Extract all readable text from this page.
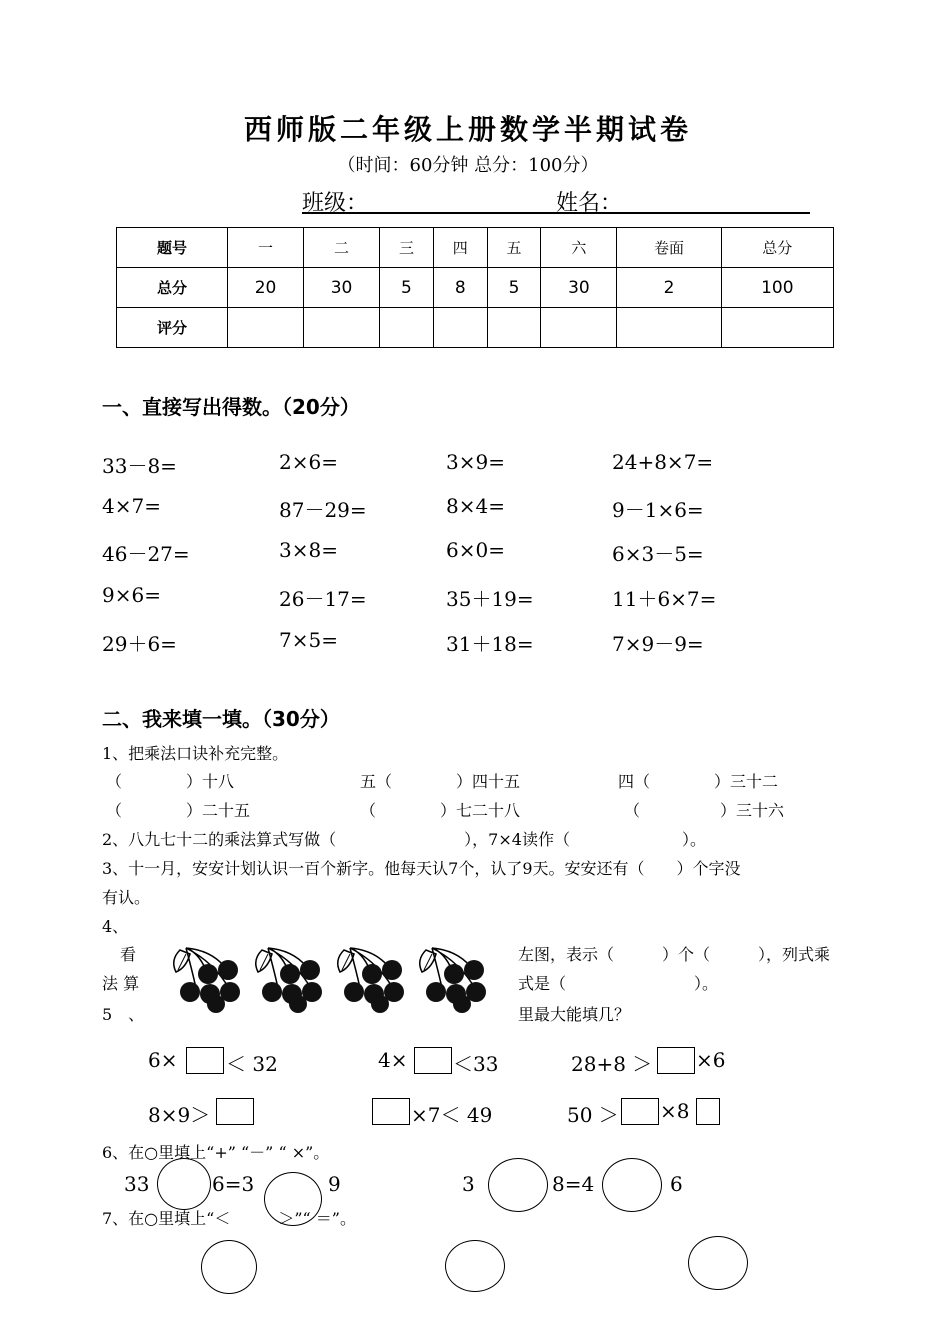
西师版二年级上册数学半期试卷
（时间：60分钟 总分：100分）
班级：	姓名：
题号	一	二	三	四	五	六	卷面	总分
总分	20	30	5	8	5	30	2	100
评分								
一、直接写出得数。（20分）
33－8=	2×6=	3×9=	24+8×7=
4×7=	87－29=	8×4=	9－1×6=
46－27=	3×8=	6×0=	6×3－5=
9×6=	26－17=	35＋19=	11＋6×7=
29＋6=	7×5=	31＋18=	7×9－9=
二、我来填一填。（30分）
1、把乘法口诀补充完整。
（　　　　）十八	五（　　　　）四十五	四（　　　　）三十二
（　　　　）二十五	（　　　　）七二十八	（　　　　　）三十六
2、八九七十二的乘法算式写做（　　　　　　　　），7×4读作（　　　　　　　）。
3、十一月，安安计划认识一百个新字。他每天认7个，认了9天。安安还有（　　）个字没
有认。
4、
看
法 算
左图，表示（　　　）个（　　　），列式乘
式是（　　　　　　　　）。
5　、	里最大能填几？
6× ＜ 32	4× ＜33	28+8 ＞ ×6
8×9＞	×7＜ 49	50 ＞ ×8
6、在○里填上“+” “－” “ ×”。
33	6=3	9	3	8=4	6
7、在○里填上“＜　　　＞”“ ＝”。
